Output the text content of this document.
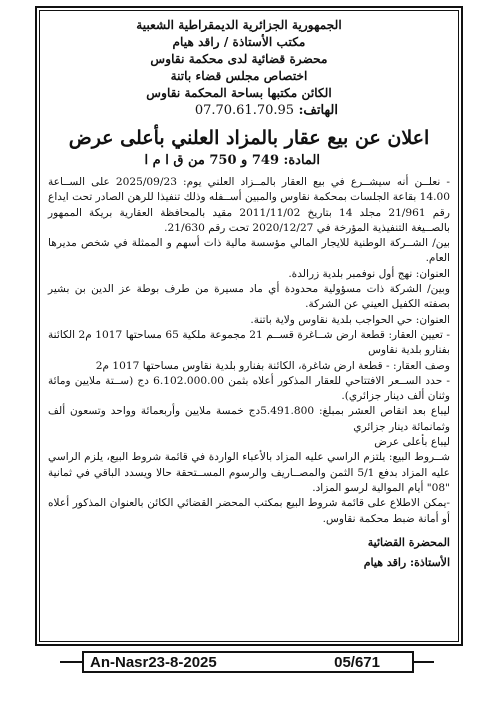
الجمهورية الجزائرية الديمقراطية الشعبية
مكتب الأستاذة / راقد هيام
محضرة قضائية لدى محكمة نقاوس
اختصاص مجلس قضاء باتنة
الكائن مكتبها بساحة المحكمة نقاوس
الهاتف: 07.70.61.70.95
اعلان عن بيع عقار بالمزاد العلني بأعلى عرض
المادة: 749 و 750 من ق ا م ا

- نعلــن أنه سيشــرع في بيع العقار بالمــزاد العلني يوم: 2025/09/23 على الســاعة 14.00 بقاعة الجلسات بمحكمة نقاوس والمبين أســفله وذلك تنفيذا للرهن الصادر تحت ايداع رقم 21/961 مجلد 14 بتاريخ 2011/11/02 مقيد بالمحافظة العقارية بريكة الممهور بالصــيغة التنفيذية المؤرخة في 2020/12/27 تحت رقم 21/630.

بين/ الشــركة الوطنية للايجار المالي مؤسسة مالية ذات أسهم و الممثلة في شخص مديرها العام.

العنوان: نهج أول نوفمبر بلدية زرالدة.

وبين/ الشركة ذات مسؤولية محدودة أي ماد مسيرة من طرف بوطة عز الدين بن بشير بصفته الكفيل العيني عن الشركة.

العنوان: حي الحواجب بلدية نقاوس ولاية باتنة.

- تعيين العقار: قطعة ارض شــاغرة قســم 21 مجموعة ملكية 65 مساحتها 1017 م2 الكائنة بفنارو بلدية نقاوس

وصف العقار: - قطعة ارض شاغرة، الكائنة بفنارو بلدية نقاوس مساحتها 1017 م2

- حدد الســعر الافتتاحي للعقار المذكور أعلاه بثمن 6.102.000.00 دج (ســتة ملايين ومائة وثنان ألف دينار جزائري).

ليباع بعد انقاص العشر بمبلغ: 5.491.800دج خمسة ملايين وأربعمائة وواحد وتسعون ألف وثمانمائة دينار جزائري

ليباع بأعلى عرض

شــروط البيع: يلتزم الراسي عليه المزاد بالأعباء الواردة في قائمة شروط البيع، يلزم الراسي عليه المزاد بدفع 5/1 الثمن والمصــاريف والرسوم المســتحقة حالا ويسدد الباقي في ثمانية "08" أيام الموالية لرسو المزاد.

-يمكن الاطلاع على قائمة شروط البيع بمكتب المحضر القضائي الكائن بالعنوان المذكور أعلاه أو أمانة ضبط محكمة نقاوس.

المحضرة القضائية
الأستاذة: راقد هيام
An-Nasr23-8-2025	05/671
